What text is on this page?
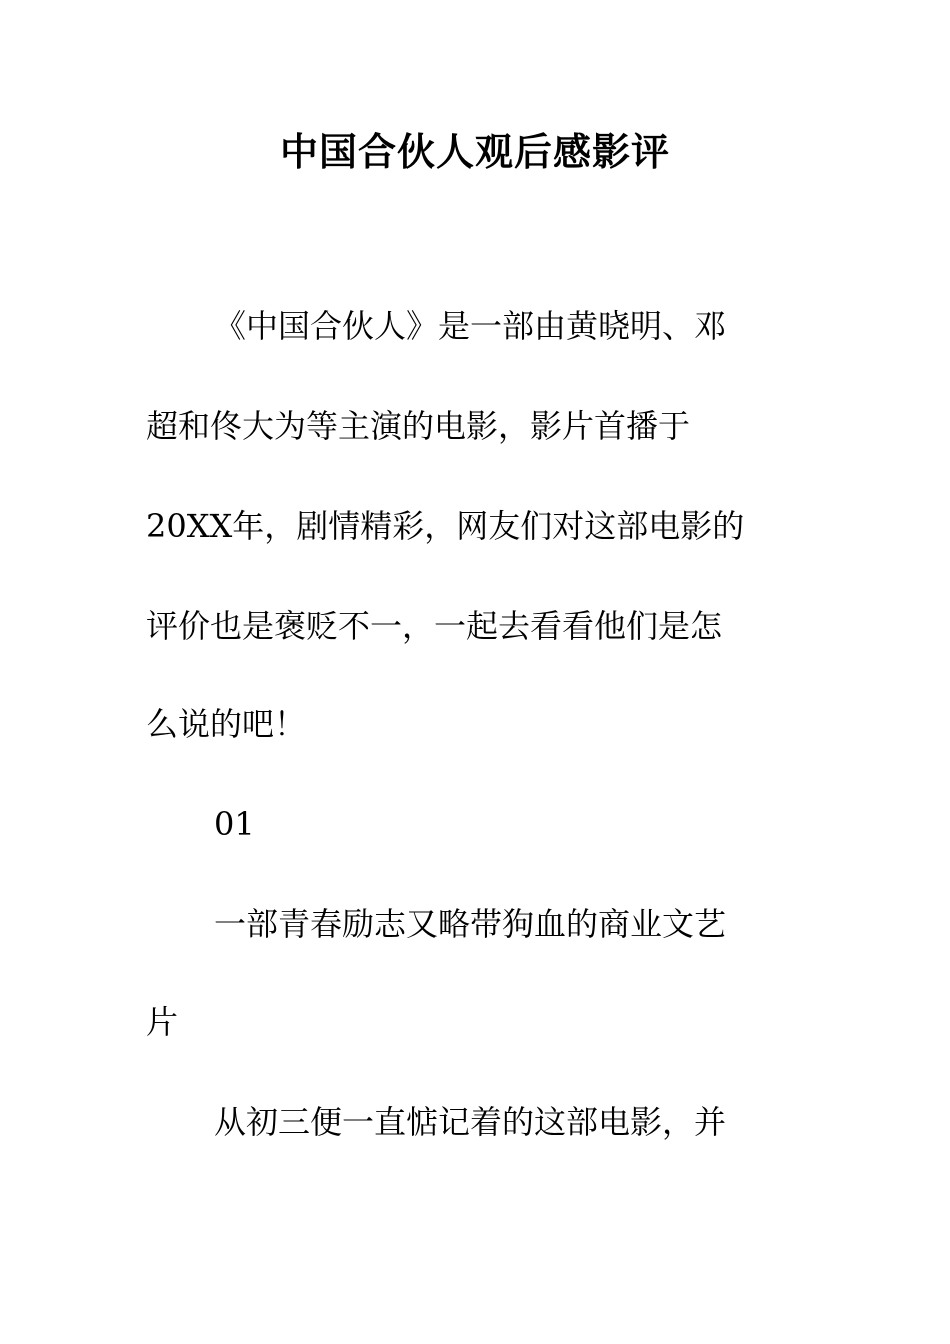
中国合伙人观后感影评
《中国合伙人》是一部由黄晓明、邓
超和佟大为等主演的电影，影片首播于
20XX年，剧情精彩，网友们对这部电影的
评价也是褒贬不一，一起去看看他们是怎
么说的吧！
01
一部青春励志又略带狗血的商业文艺
片
从初三便一直惦记着的这部电影，并
